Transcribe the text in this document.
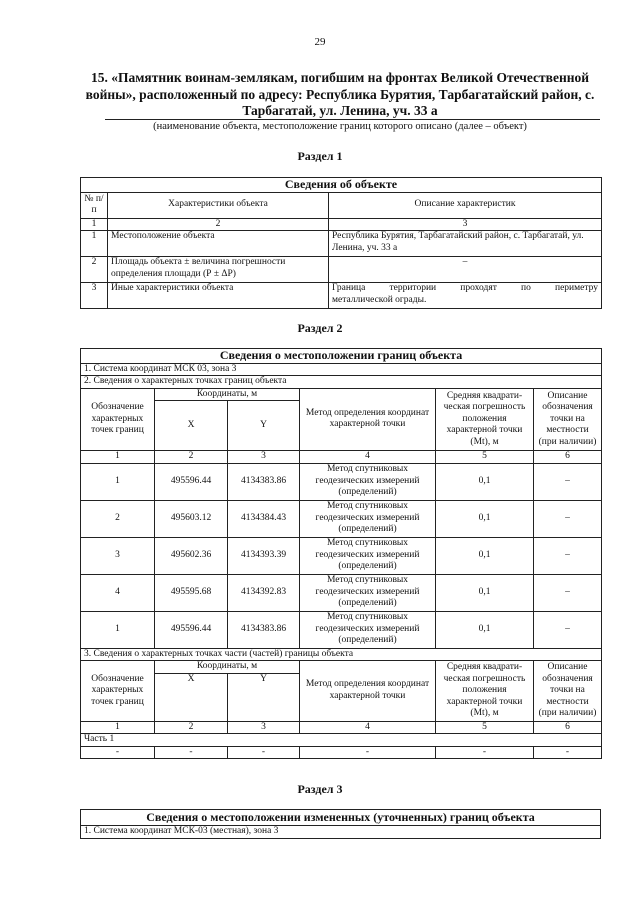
29
15. «Памятник воинам-землякам, погибшим на фронтах Великой Отечественной войны», расположенный по адресу: Республика Бурятия, Тарбагатайский район, с. Тарбагатай, ул. Ленина, уч. 33 а
(наименование объекта, местоположение границ которого описано (далее – объект)
Раздел 1
Сведения об объекте		
№ п/п	Характеристики объекта	Описание характеристик
1	2	3
1	Местоположение объекта	Республика Бурятия, Тарбагатайский район, с. Тарбагатай, ул. Ленина, уч. 33 а
2	Площадь объекта ± величина погрешности определения площади (Р ± ΔР)	–
3	Иные характеристики объекта	Граница территории проходят по периметру
металлической ограды.
Раздел 2
Сведения о местоположении границ объекта					
1. Система координат МСК 03, зона 3					
2. Сведения о характерных точках границ объекта					
Обозначение характерных точек границ	Координаты, м		Метод определения координат характерной точки	Средняя квадрати-ческая погрешность положения характерной точки (Mt), м	Описание обозначения точки на местности (при наличии)
	X	Y			
1	2	3	4	5	6
1	495596.44	4134383.86	Метод спутниковых геодезических измерений (определений)	0,1	–
2	495603.12	4134384.43	Метод спутниковых геодезических измерений (определений)	0,1	–
3	495602.36	4134393.39	Метод спутниковых геодезических измерений (определений)	0,1	–
4	495595.68	4134392.83	Метод спутниковых геодезических измерений (определений)	0,1	–
1	495596.44	4134383.86	Метод спутниковых геодезических измерений (определений)	0,1	–
3. Сведения о характерных точках части (частей) границы объекта					
Обозначение характерных точек границ	Координаты, м		Метод определения координат характерной точки	Средняя квадрати-ческая погрешность положения характерной точки (Mt), м	Описание обозначения точки на местности (при наличии)
	X	Y			
1	2	3	4	5	6
Часть 1					
-	-	-	-	-	-
Раздел 3
Сведения о местоположении измененных (уточненных) границ объекта
1. Система координат МСК-03 (местная), зона 3
